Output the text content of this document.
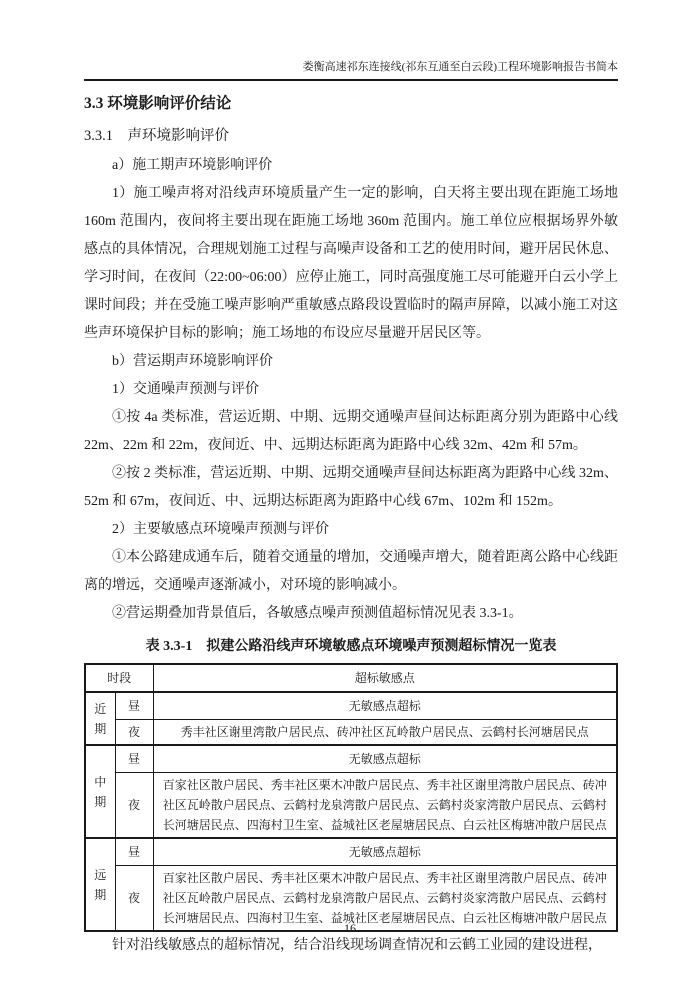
娄衡高速祁东连接线(祁东互通至白云段)工程环境影响报告书简本
3.3 环境影响评价结论
3.3.1　声环境影响评价

a）施工期声环境影响评价

1）施工噪声将对沿线声环境质量产生一定的影响，白天将主要出现在距施工场地 160m 范围内，夜间将主要出现在距施工场地 360m 范围内。施工单位应根据场界外敏感点的具体情况，合理规划施工过程与高噪声设备和工艺的使用时间，避开居民休息、学习时间，在夜间（22:00~06:00）应停止施工，同时高强度施工尽可能避开白云小学上课时间段；并在受施工噪声影响严重敏感点路段设置临时的隔声屏障，以减小施工对这些声环境保护目标的影响；施工场地的布设应尽量避开居民区等。

b）营运期声环境影响评价

1）交通噪声预测与评价

①按 4a 类标准，营运近期、中期、远期交通噪声昼间达标距离分别为距路中心线 22m、22m 和 22m，夜间近、中、远期达标距离为距路中心线 32m、42m 和 57m。

②按 2 类标准，营运近期、中期、远期交通噪声昼间达标距离为距路中心线 32m、52m 和 67m，夜间近、中、远期达标距离为距路中心线 67m、102m 和 152m。

2）主要敏感点环境噪声预测与评价

①本公路建成通车后，随着交通量的增加，交通噪声增大，随着距离公路中心线距离的增远，交通噪声逐渐减小，对环境的影响减小。

②营运期叠加背景值后，各敏感点噪声预测值超标情况见表 3.3-1。

表 3.3-1　拟建公路沿线声环境敏感点环境噪声预测超标情况一览表
时段		超标敏感点
近期	昼	无敏感点超标
	夜	秀丰社区谢里湾散户居民点、砖冲社区瓦岭散户居民点、云鹤村长河塘居民点
中期	昼	无敏感点超标
	夜	百家社区散户居民、秀丰社区栗木冲散户居民点、秀丰社区谢里湾散户居民点、砖冲社区瓦岭散户居民点、云鹤村龙泉湾散户居民点、云鹤村炎家湾散户居民点、云鹤村长河塘居民点、四海村卫生室、益城社区老屋塘居民点、白云社区梅塘冲散户居民点
远期	昼	无敏感点超标
	夜	百家社区散户居民、秀丰社区栗木冲散户居民点、秀丰社区谢里湾散户居民点、砖冲社区瓦岭散户居民点、云鹤村龙泉湾散户居民点、云鹤村炎家湾散户居民点、云鹤村长河塘居民点、四海村卫生室、益城社区老屋塘居民点、白云社区梅塘冲散户居民点

针对沿线敏感点的超标情况，结合沿线现场调查情况和云鹤工业园的建设进程，

16
